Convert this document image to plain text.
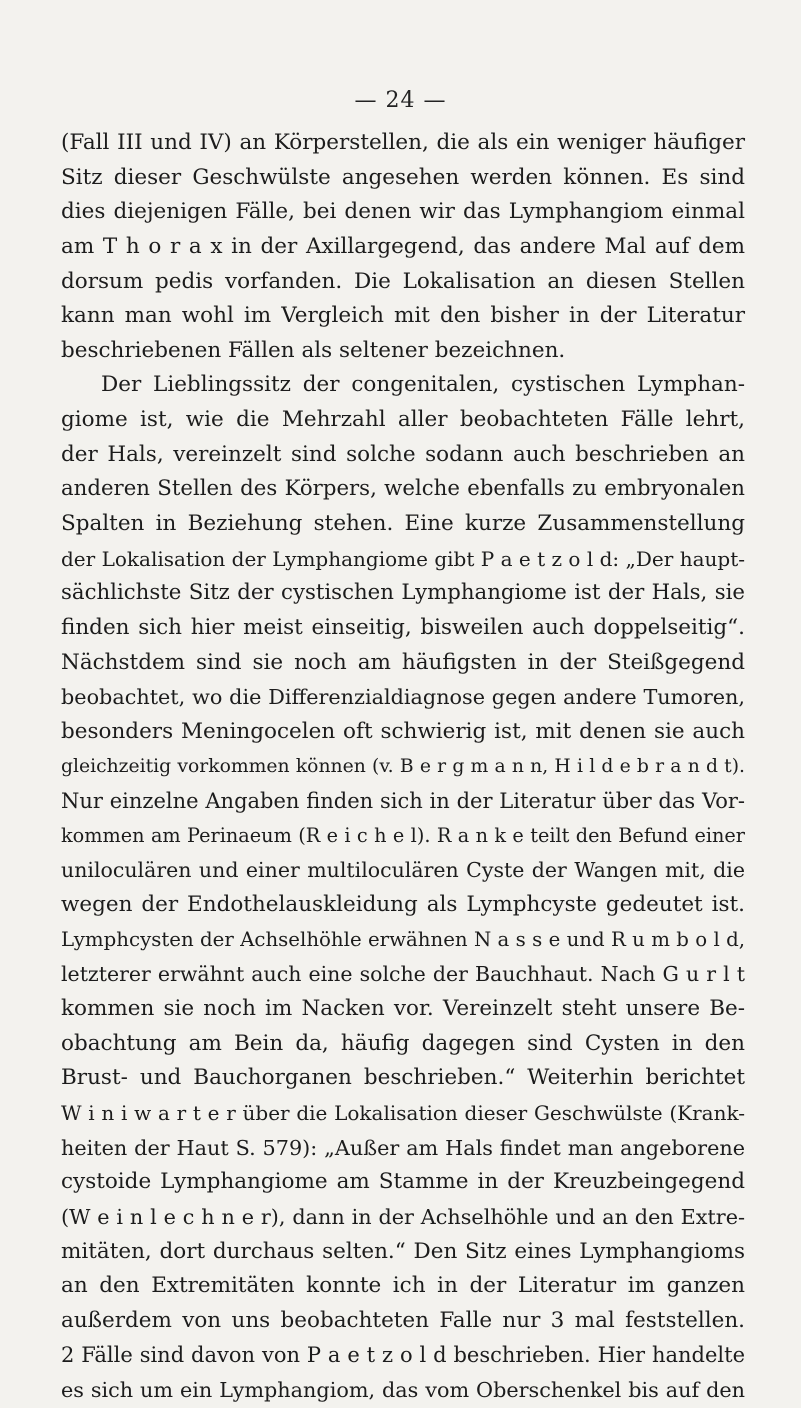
— 24 —
(Fall III und IV) an Körperstellen, die als ein weniger häufiger
Sitz dieser Geschwülste angesehen werden können. Es sind
dies diejenigen Fälle, bei denen wir das Lymphangiom einmal
am T h o r a x in der Axillargegend, das andere Mal auf dem
dorsum pedis vorfanden. Die Lokalisation an diesen Stellen
kann man wohl im Vergleich mit den bisher in der Literatur
beschriebenen Fällen als seltener bezeichnen.
Der Lieblingssitz der congenitalen, cystischen Lymphan-
giome ist, wie die Mehrzahl aller beobachteten Fälle lehrt,
der Hals, vereinzelt sind solche sodann auch beschrieben an
anderen Stellen des Körpers, welche ebenfalls zu embryonalen
Spalten in Beziehung stehen. Eine kurze Zusammenstellung
der Lokalisation der Lymphangiome gibt P a e t z o l d: „Der haupt-
sächlichste Sitz der cystischen Lymphangiome ist der Hals, sie
finden sich hier meist einseitig, bisweilen auch doppelseitig“.
Nächstdem sind sie noch am häufigsten in der Steißgegend
beobachtet, wo die Differenzialdiagnose gegen andere Tumoren,
besonders Meningocelen oft schwierig ist, mit denen sie auch
gleichzeitig vorkommen können (v. B e r g m a n n, H i l d e b r a n d t).
Nur einzelne Angaben finden sich in der Literatur über das Vor-
kommen am Perinaeum (R e i c h e l). R a n k e teilt den Befund einer
uniloculären und einer multiloculären Cyste der Wangen mit, die
wegen der Endothelauskleidung als Lymphcyste gedeutet ist.
Lymphcysten der Achselhöhle erwähnen N a s s e und R u m b o l d,
letzterer erwähnt auch eine solche der Bauchhaut. Nach G u r l t
kommen sie noch im Nacken vor. Vereinzelt steht unsere Be-
obachtung am Bein da, häufig dagegen sind Cysten in den
Brust- und Bauchorganen beschrieben.“ Weiterhin berichtet
W i n i w a r t e r über die Lokalisation dieser Geschwülste (Krank-
heiten der Haut S. 579): „Außer am Hals findet man angeborene
cystoide Lymphangiome am Stamme in der Kreuzbeingegend
(W e i n l e c h n e r), dann in der Achselhöhle und an den Extre-
mitäten, dort durchaus selten.“ Den Sitz eines Lymphangioms
an den Extremitäten konnte ich in der Literatur im ganzen
außerdem von uns beobachteten Falle nur 3 mal feststellen.
2 Fälle sind davon von P a e t z o l d beschrieben. Hier handelte
es sich um ein Lymphangiom, das vom Oberschenkel bis auf den
